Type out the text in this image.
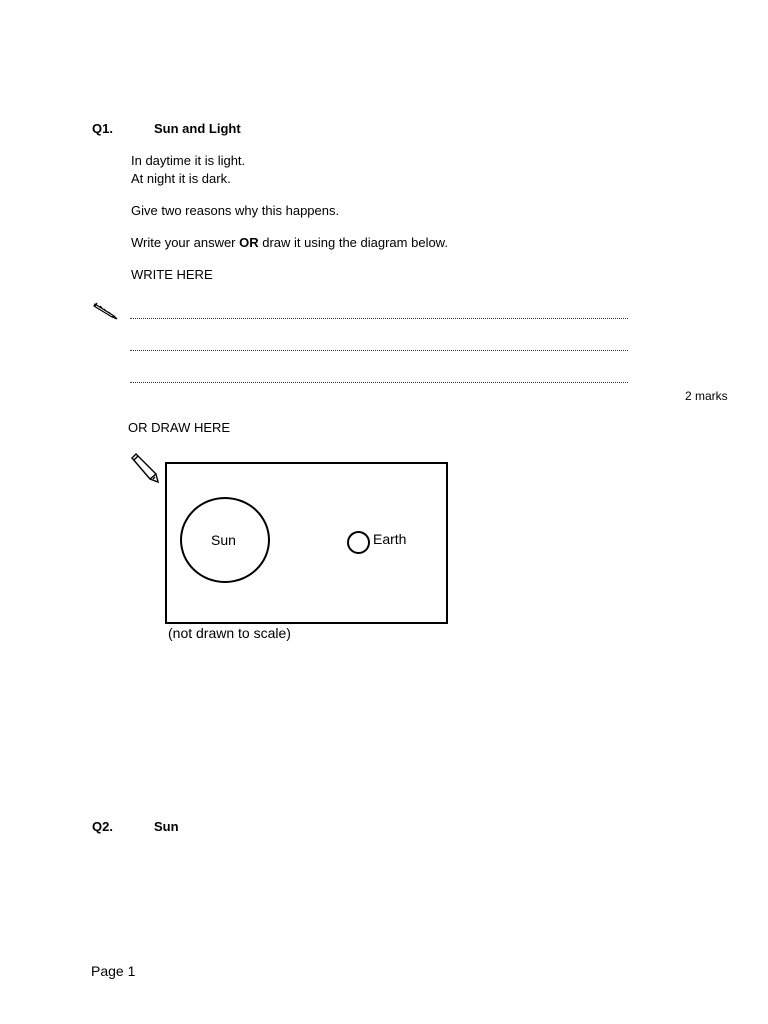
Q1.	Sun and Light
In daytime it is light.
At night it is dark.
Give two reasons why this happens.
Write your answer OR draw it using the diagram below.
WRITE HERE
2 marks
OR DRAW HERE
Sun	Earth
(not drawn to scale)
Q2.	Sun
Page 1
